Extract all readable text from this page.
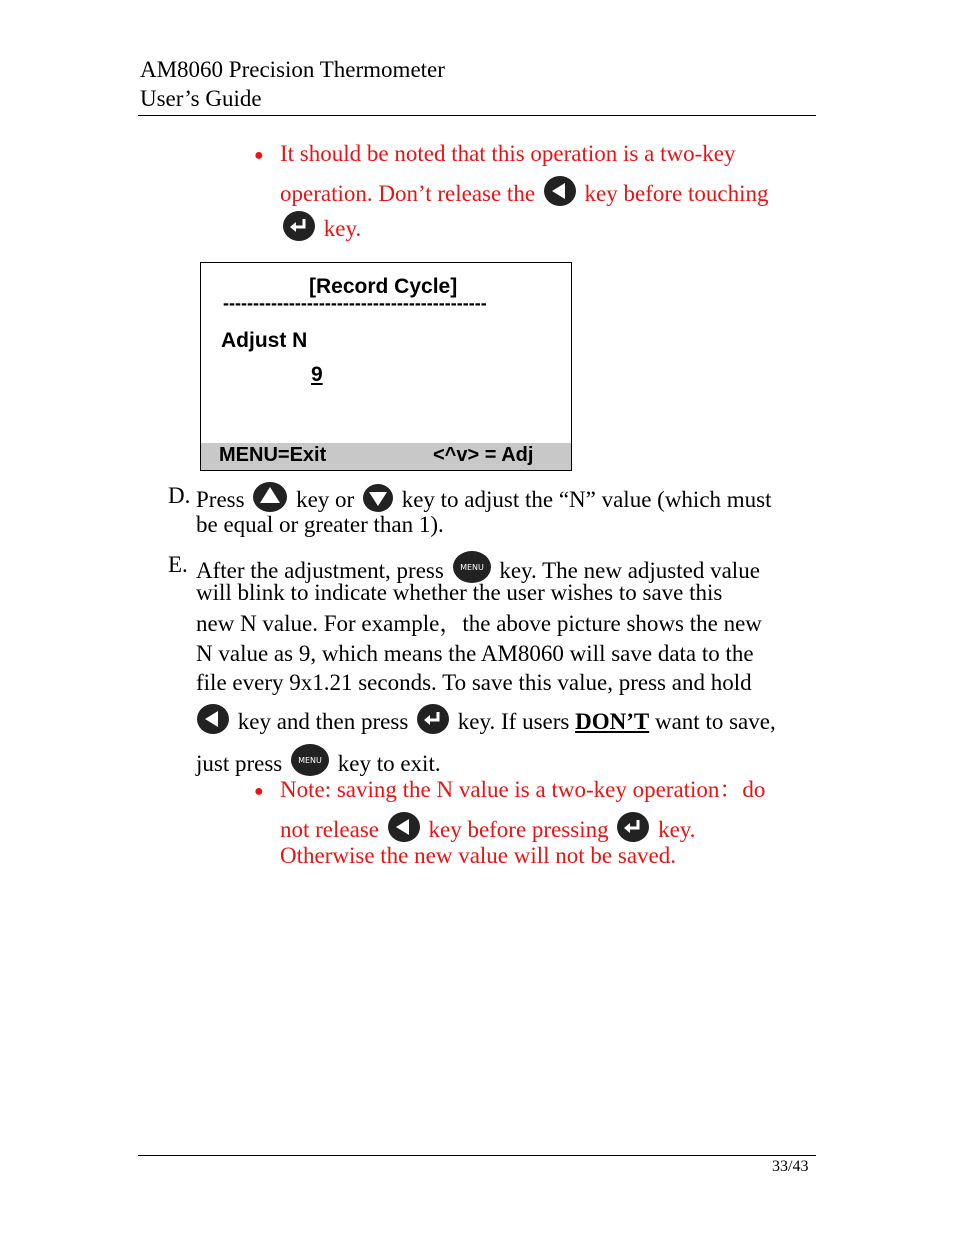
AM8060 Precision Thermometer
User’s Guide
● It should be noted that this operation is a two-key
operation. Don’t release the key before touching
key.
[Record Cycle]
--------------------------------------------
Adjust N
9
MENU=Exit	<^v> = Adj
D. Press key or key to adjust the “N” value (which must
be equal or greater than 1).
E. After the adjustment, press MENU key. The new adjusted value
will blink to indicate whether the user wishes to save this
new N value. For example，the above picture shows the new
N value as 9, which means the AM8060 will save data to the
file every 9x1.21 seconds. To save this value, press and hold
key and then press key. If users DON’T want to save,
just press MENU key to exit.
● Note: saving the N value is a two-key operation：do
not release key before pressing key.
Otherwise the new value will not be saved.
33/43
